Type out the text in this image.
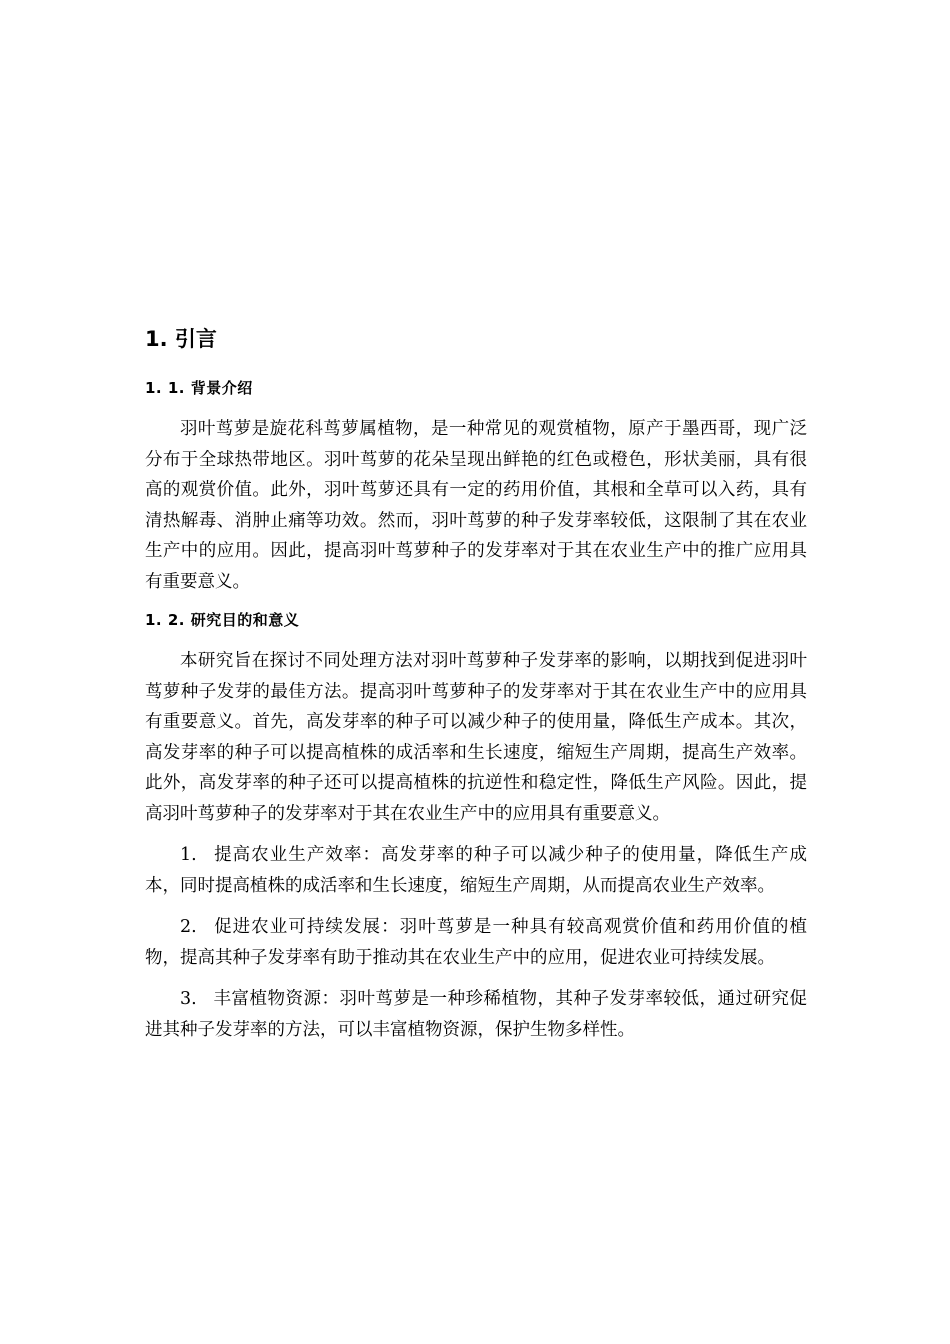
1. 引言
1. 1. 背景介绍

羽叶茑萝是旋花科茑萝属植物，是一种常见的观赏植物，原产于墨西哥，现广泛分布于全球热带地区。羽叶茑萝的花朵呈现出鲜艳的红色或橙色，形状美丽，具有很高的观赏价值。此外，羽叶茑萝还具有一定的药用价值，其根和全草可以入药，具有清热解毒、消肿止痛等功效。然而，羽叶茑萝的种子发芽率较低，这限制了其在农业生产中的应用。因此，提高羽叶茑萝种子的发芽率对于其在农业生产中的推广应用具有重要意义。

1. 2. 研究目的和意义

本研究旨在探讨不同处理方法对羽叶茑萝种子发芽率的影响，以期找到促进羽叶茑萝种子发芽的最佳方法。提高羽叶茑萝种子的发芽率对于其在农业生产中的应用具有重要意义。首先，高发芽率的种子可以减少种子的使用量，降低生产成本。其次，高发芽率的种子可以提高植株的成活率和生长速度，缩短生产周期，提高生产效率。此外，高发芽率的种子还可以提高植株的抗逆性和稳定性，降低生产风险。因此，提高羽叶茑萝种子的发芽率对于其在农业生产中的应用具有重要意义。

1. 提高农业生产效率：高发芽率的种子可以减少种子的使用量，降低生产成本，同时提高植株的成活率和生长速度，缩短生产周期，从而提高农业生产效率。

2. 促进农业可持续发展：羽叶茑萝是一种具有较高观赏价值和药用价值的植物，提高其种子发芽率有助于推动其在农业生产中的应用，促进农业可持续发展。

3. 丰富植物资源：羽叶茑萝是一种珍稀植物，其种子发芽率较低，通过研究促进其种子发芽率的方法，可以丰富植物资源，保护生物多样性。
